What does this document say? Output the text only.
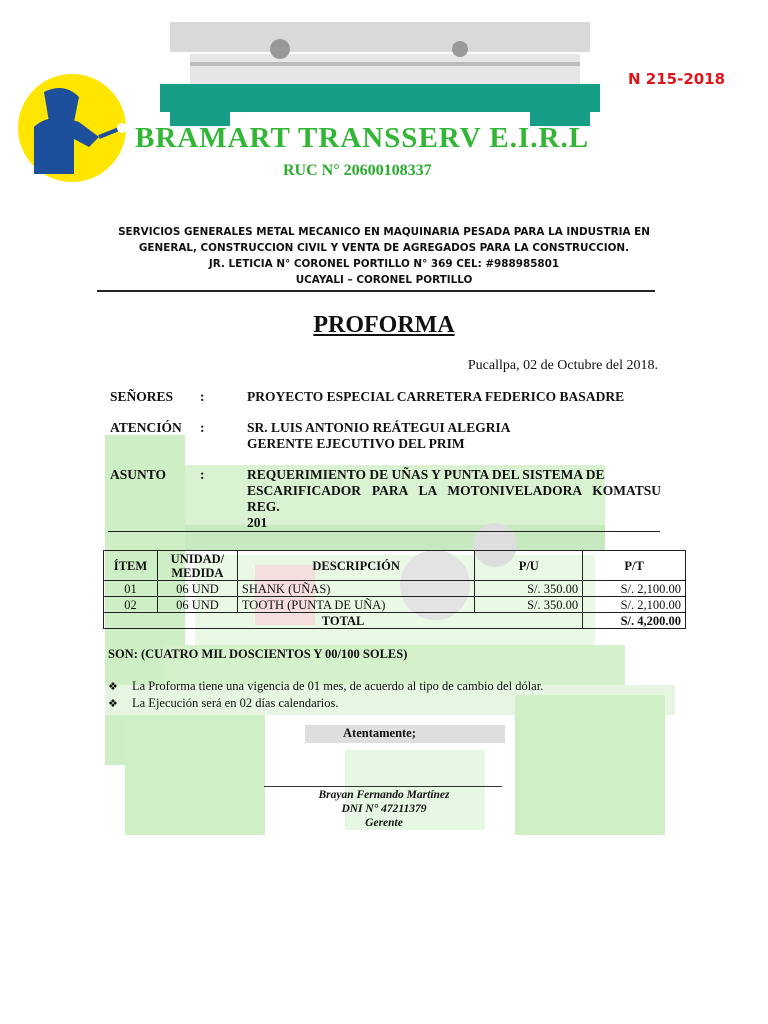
BRAMART TRANSSERV E.I.R.L
RUC N° 20600108337
N 215-2018
SERVICIOS GENERALES METAL MECANICO EN MAQUINARIA PESADA PARA LA INDUSTRIA EN
GENERAL, CONSTRUCCION CIVIL Y VENTA DE AGREGADOS PARA LA CONSTRUCCION.
JR. LETICIA N° CORONEL PORTILLO N° 369 CEL: #988985801
UCAYALI – CORONEL PORTILLO
PROFORMA
Pucallpa, 02 de Octubre del 2018.
SEÑORES :	PROYECTO ESPECIAL CARRETERA FEDERICO BASADRE
ATENCIÓN :	SR. LUIS ANTONIO REÁTEGUI ALEGRIA
GERENTE EJECUTIVO DEL PRIM
ASUNTO	:	REQUERIMIENTO DE UÑAS Y PUNTA DEL SISTEMA DE
ESCARIFICADOR PARA LA MOTONIVELADORA KOMATSU REG.
201
ÍTEM	UNIDAD/ MEDIDA	DESCRIPCIÓN	P/U	P/T
01	06 UND	SHANK (UÑAS)	S/. 350.00	S/. 2,100.00
02	06 UND	TOOTH (PUNTA DE UÑA)	S/. 350.00	S/. 2,100.00
TOTAL				S/. 4,200.00
SON: (CUATRO MIL DOSCIENTOS Y 00/100 SOLES)
❖ La Proforma tiene una vigencia de 01 mes, de acuerdo al tipo de cambio del dólar.
❖ La Ejecución será en 02 días calendarios.
Atentamente;
Brayan Fernando Martínez
DNI N° 47211379
Gerente
